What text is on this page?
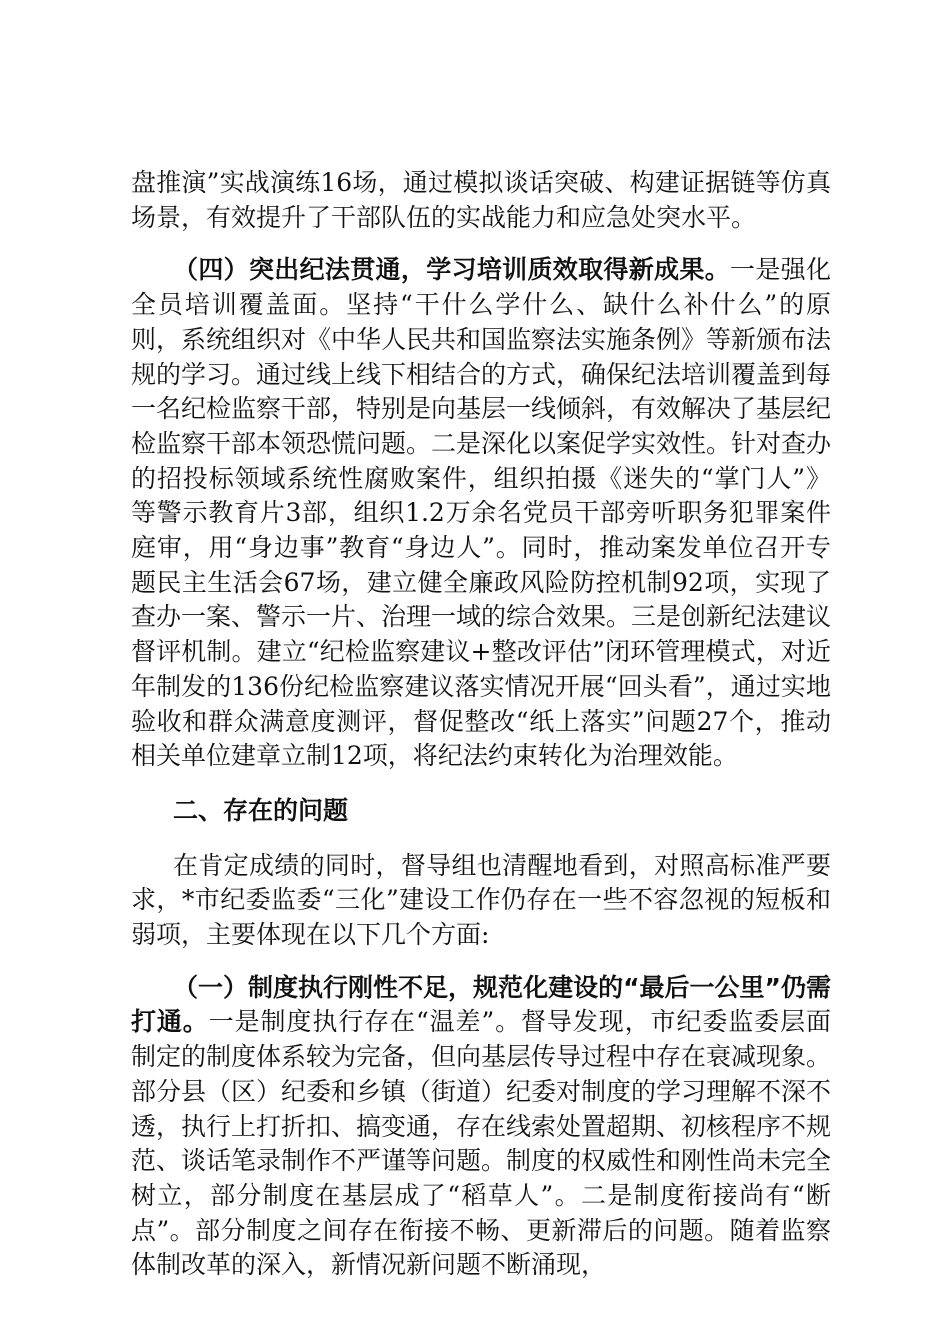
盘推演”实战演练16场，通过模拟谈话突破、构建证据链等仿真场景，有效提升了干部队伍的实战能力和应急处突水平。

（四）突出纪法贯通，学习培训质效取得新成果。一是强化全员培训覆盖面。坚持“干什么学什么、缺什么补什么”的原则，系统组织对《中华人民共和国监察法实施条例》等新颁布法规的学习。通过线上线下相结合的方式，确保纪法培训覆盖到每一名纪检监察干部，特别是向基层一线倾斜，有效解决了基层纪检监察干部本领恐慌问题。二是深化以案促学实效性。针对查办的招投标领域系统性腐败案件，组织拍摄《迷失的“掌门人”》等警示教育片3部，组织1.2万余名党员干部旁听职务犯罪案件庭审，用“身边事”教育“身边人”。同时，推动案发单位召开专题民主生活会67场，建立健全廉政风险防控机制92项，实现了查办一案、警示一片、治理一域的综合效果。三是创新纪法建议督评机制。建立“纪检监察建议+整改评估”闭环管理模式，对近年制发的136份纪检监察建议落实情况开展“回头看”，通过实地验收和群众满意度测评，督促整改“纸上落实”问题27个，推动相关单位建章立制12项，将纪法约束转化为治理效能。

二、存在的问题

在肯定成绩的同时，督导组也清醒地看到，对照高标准严要求，*市纪委监委“三化”建设工作仍存在一些不容忽视的短板和弱项，主要体现在以下几个方面:

（一）制度执行刚性不足，规范化建设的“最后一公里”仍需打通。一是制度执行存在“温差”。督导发现，市纪委监委层面制定的制度体系较为完备，但向基层传导过程中存在衰减现象。部分县（区）纪委和乡镇（街道）纪委对制度的学习理解不深不透，执行上打折扣、搞变通，存在线索处置超期、初核程序不规范、谈话笔录制作不严谨等问题。制度的权威性和刚性尚未完全树立，部分制度在基层成了“稻草人”。二是制度衔接尚有“断点”。部分制度之间存在衔接不畅、更新滞后的问题。随着监察体制改革的深入，新情况新问题不断涌现，
